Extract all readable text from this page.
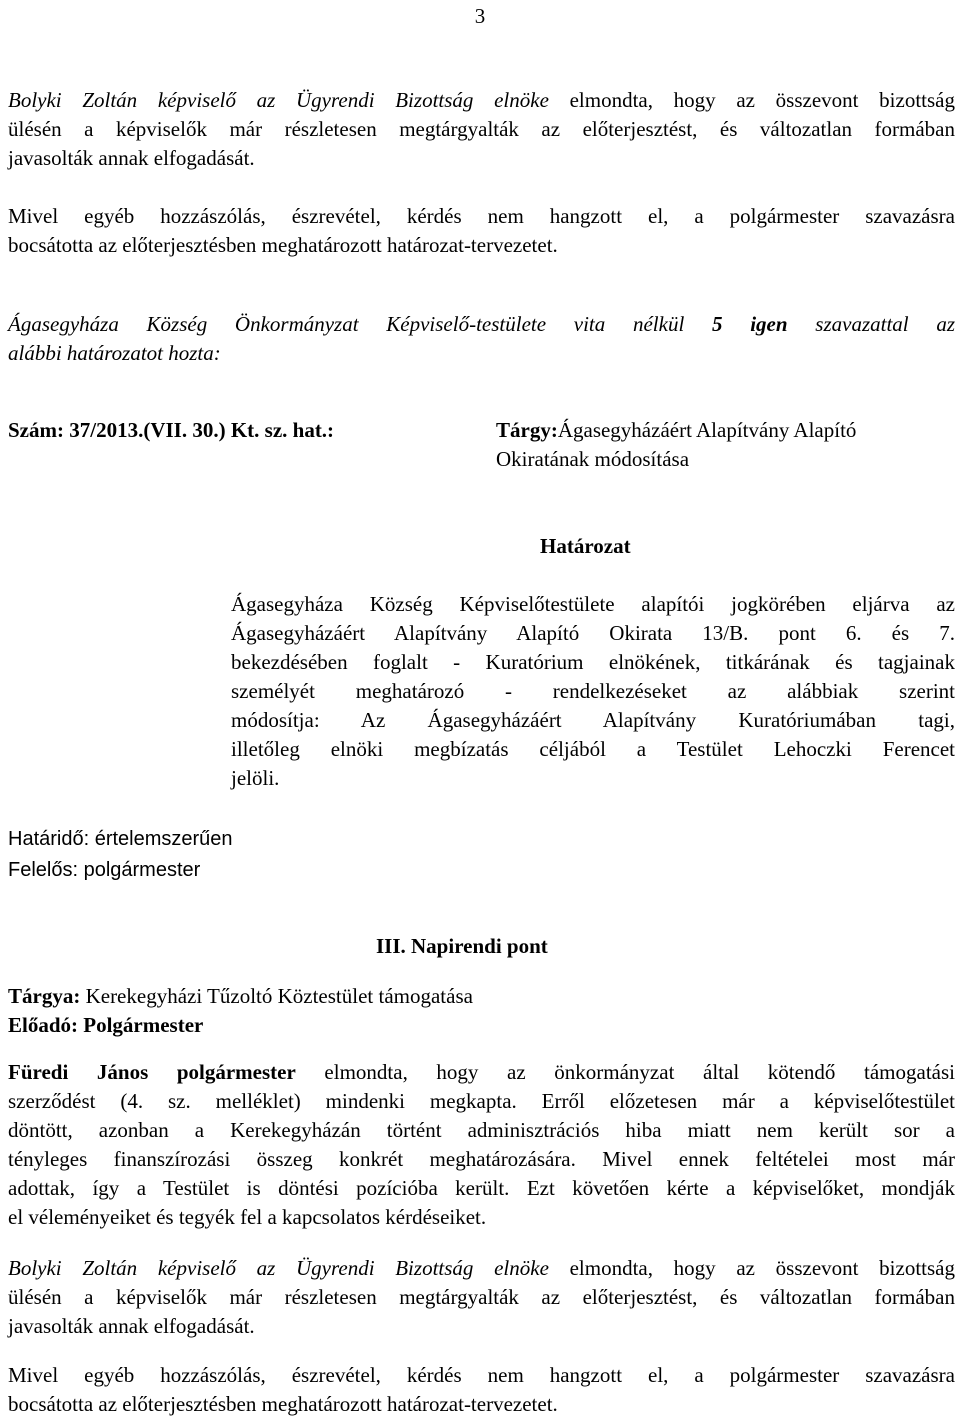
3
Bolyki Zoltán képviselő az Ügyrendi Bizottság elnöke elmondta, hogy az összevont bizottság
ülésén a képviselők már részletesen megtárgyalták az előterjesztést, és változatlan formában
javasolták annak elfogadását.
Mivel egyéb hozzászólás, észrevétel, kérdés nem hangzott el, a polgármester szavazásra
bocsátotta az előterjesztésben meghatározott határozat-tervezetet.
Ágasegyháza Község Önkormányzat Képviselő-testülete vita nélkül 5 igen szavazattal az
alábbi határozatot hozta:
Szám: 37/2013.(VII. 30.) Kt. sz. hat.:	Tárgy:Ágasegyházáért Alapítvány Alapító
Okiratának módosítása
Határozat
Ágasegyháza Község Képviselőtestülete alapítói jogkörében eljárva az
Ágasegyházáért Alapítvány Alapító Okirata 13/B. pont 6. és 7.
bekezdésében foglalt - Kuratórium elnökének, titkárának és tagjainak
személyét meghatározó - rendelkezéseket az alábbiak szerint
módosítja: Az Ágasegyházáért Alapítvány Kuratóriumában tagi,
illetőleg elnöki megbízatás céljából a Testület Lehoczki Ferencet
jelöli.
Határidő: értelemszerűen
Felelős: polgármester
III. Napirendi pont
Tárgya: Kerekegyházi Tűzoltó Köztestület támogatása
Előadó: Polgármester
Füredi János polgármester elmondta, hogy az önkormányzat által kötendő támogatási
szerződést (4. sz. melléklet) mindenki megkapta. Erről előzetesen már a képviselőtestület
döntött, azonban a Kerekegyházán történt adminisztrációs hiba miatt nem került sor a
tényleges finanszírozási összeg konkrét meghatározására. Mivel ennek feltételei most már
adottak, így a Testület is döntési pozícióba került. Ezt követően kérte a képviselőket, mondják
el véleményeiket és tegyék fel a kapcsolatos kérdéseiket.
Bolyki Zoltán képviselő az Ügyrendi Bizottság elnöke elmondta, hogy az összevont bizottság
ülésén a képviselők már részletesen megtárgyalták az előterjesztést, és változatlan formában
javasolták annak elfogadását.
Mivel egyéb hozzászólás, észrevétel, kérdés nem hangzott el, a polgármester szavazásra
bocsátotta az előterjesztésben meghatározott határozat-tervezetet.
